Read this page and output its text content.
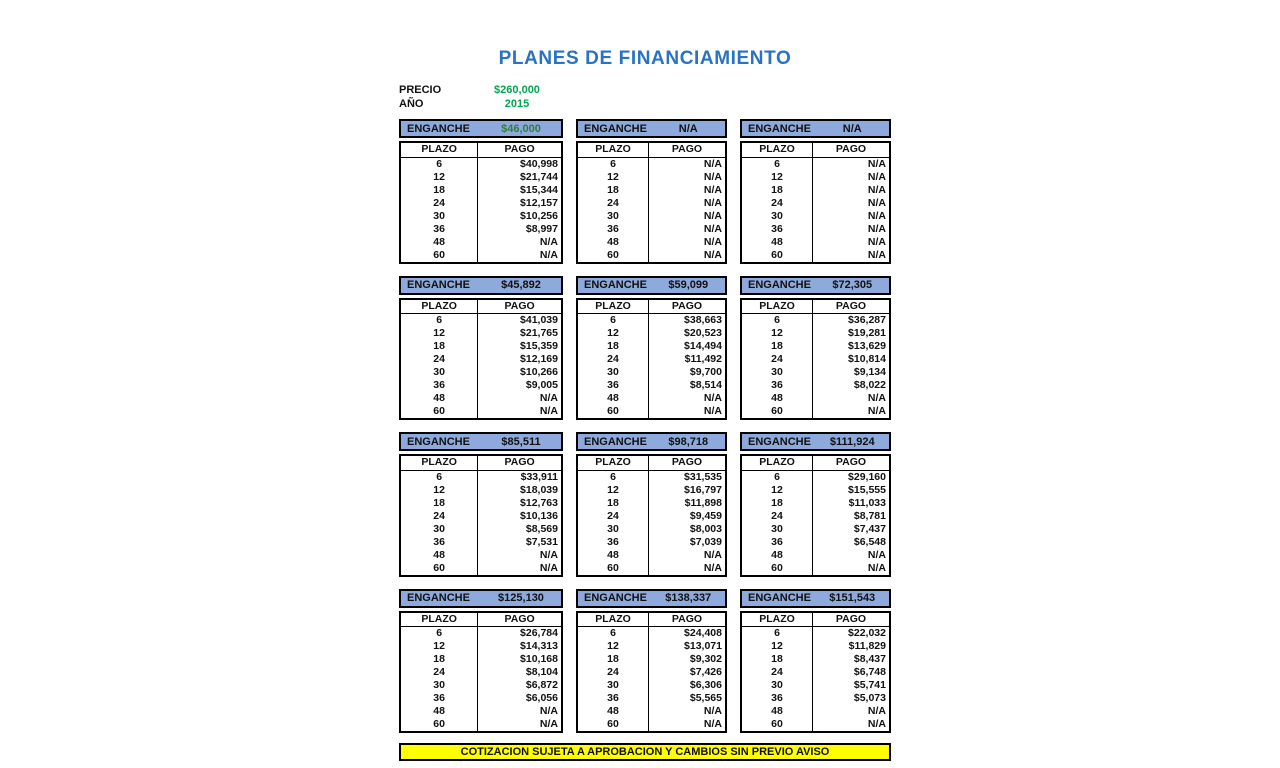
PLANES DE FINANCIAMIENTO
PRECIO	$260,000
AÑO	2015
ENGANCHE	$46,000
PLAZO	PAGO
6	$40,998
12	$21,744
18	$15,344
24	$12,157
30	$10,256
36	$8,997
48	N/A
60	N/A
ENGANCHE	N/A
PLAZO	PAGO
6	N/A
12	N/A
18	N/A
24	N/A
30	N/A
36	N/A
48	N/A
60	N/A
ENGANCHE	N/A
PLAZO	PAGO
6	N/A
12	N/A
18	N/A
24	N/A
30	N/A
36	N/A
48	N/A
60	N/A
ENGANCHE	$45,892
PLAZO	PAGO
6	$41,039
12	$21,765
18	$15,359
24	$12,169
30	$10,266
36	$9,005
48	N/A
60	N/A
ENGANCHE	$59,099
PLAZO	PAGO
6	$38,663
12	$20,523
18	$14,494
24	$11,492
30	$9,700
36	$8,514
48	N/A
60	N/A
ENGANCHE	$72,305
PLAZO	PAGO
6	$36,287
12	$19,281
18	$13,629
24	$10,814
30	$9,134
36	$8,022
48	N/A
60	N/A
ENGANCHE	$85,511
PLAZO	PAGO
6	$33,911
12	$18,039
18	$12,763
24	$10,136
30	$8,569
36	$7,531
48	N/A
60	N/A
ENGANCHE	$98,718
PLAZO	PAGO
6	$31,535
12	$16,797
18	$11,898
24	$9,459
30	$8,003
36	$7,039
48	N/A
60	N/A
ENGANCHE	$111,924
PLAZO	PAGO
6	$29,160
12	$15,555
18	$11,033
24	$8,781
30	$7,437
36	$6,548
48	N/A
60	N/A
ENGANCHE	$125,130
PLAZO	PAGO
6	$26,784
12	$14,313
18	$10,168
24	$8,104
30	$6,872
36	$6,056
48	N/A
60	N/A
ENGANCHE	$138,337
PLAZO	PAGO
6	$24,408
12	$13,071
18	$9,302
24	$7,426
30	$6,306
36	$5,565
48	N/A
60	N/A
ENGANCHE	$151,543
PLAZO	PAGO
6	$22,032
12	$11,829
18	$8,437
24	$6,748
30	$5,741
36	$5,073
48	N/A
60	N/A
COTIZACION SUJETA A APROBACION Y CAMBIOS SIN PREVIO AVISO
